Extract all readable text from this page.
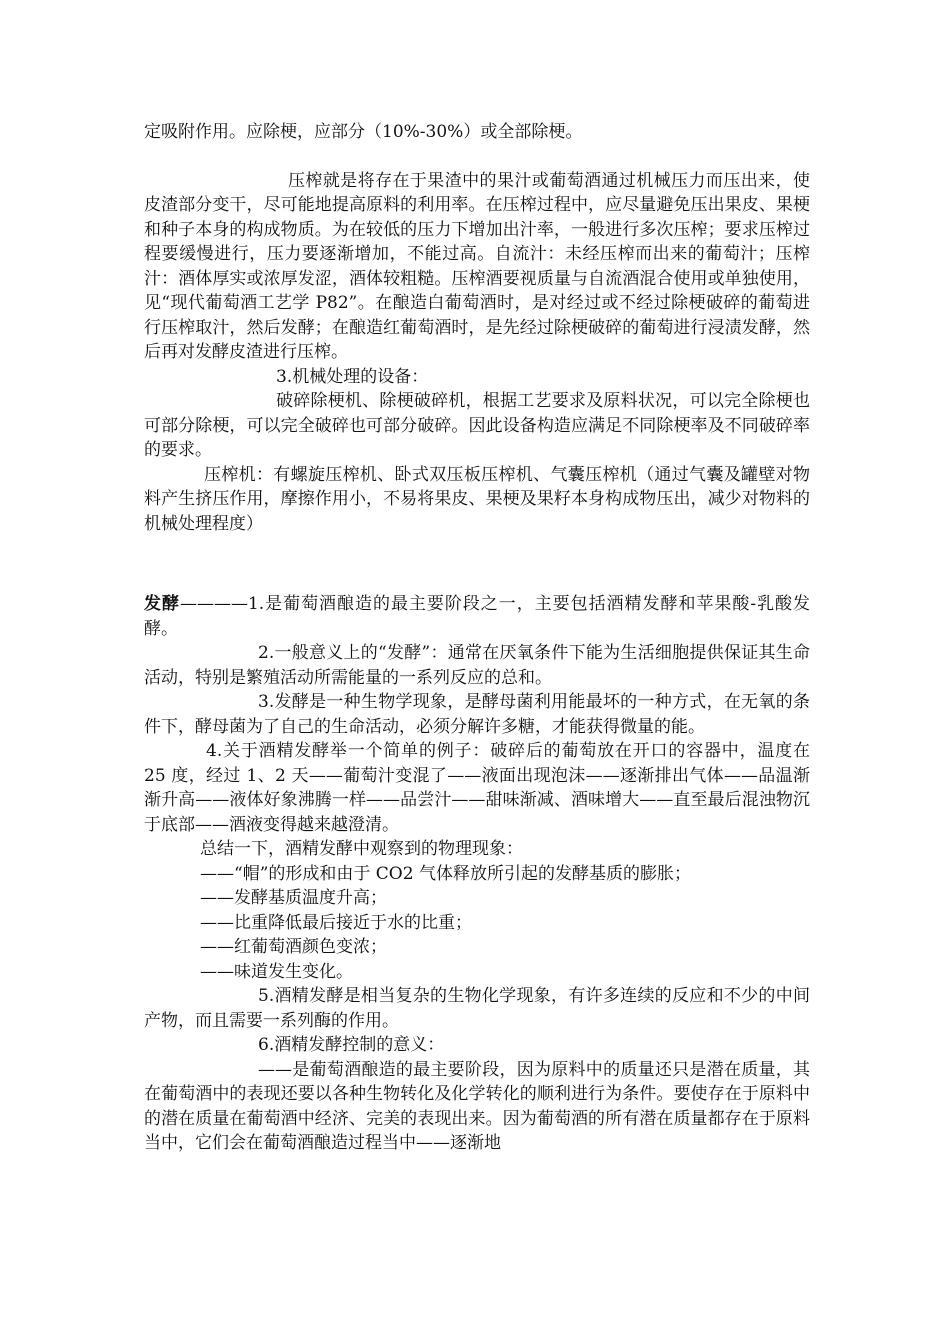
定吸附作用。应除梗，应部分（10%-30%）或全部除梗。

压榨就是将存在于果渣中的果汁或葡萄酒通过机械压力而压出来，使皮渣部分变干，尽可能地提高原料的利用率。在压榨过程中，应尽量避免压出果皮、果梗和种子本身的构成物质。为在较低的压力下增加出汁率，一般进行多次压榨；要求压榨过程要缓慢进行，压力要逐渐增加，不能过高。自流汁：未经压榨而出来的葡萄汁；压榨汁：酒体厚实或浓厚发涩，酒体较粗糙。压榨酒要视质量与自流酒混合使用或单独使用，见“现代葡萄酒工艺学 P82”。在酿造白葡萄酒时，是对经过或不经过除梗破碎的葡萄进行压榨取汁，然后发酵；在酿造红葡萄酒时，是先经过除梗破碎的葡萄进行浸渍发酵，然后再对发酵皮渣进行压榨。

3.机械处理的设备：

破碎除梗机、除梗破碎机，根据工艺要求及原料状况，可以完全除梗也可部分除梗，可以完全破碎也可部分破碎。因此设备构造应满足不同除梗率及不同破碎率的要求。

压榨机：有螺旋压榨机、卧式双压板压榨机、气囊压榨机（通过气囊及罐壁对物料产生挤压作用，摩擦作用小，不易将果皮、果梗及果籽本身构成物压出，减少对物料的机械处理程度）

发酵————1.是葡萄酒酿造的最主要阶段之一，主要包括酒精发酵和苹果酸-乳酸发酵。

2.一般意义上的“发酵”：通常在厌氧条件下能为生活细胞提供保证其生命活动，特别是繁殖活动所需能量的一系列反应的总和。

3.发酵是一种生物学现象，是酵母菌利用能最坏的一种方式，在无氧的条件下，酵母菌为了自己的生命活动，必须分解许多糖，才能获得微量的能。

4.关于酒精发酵举一个简单的例子：破碎后的葡萄放在开口的容器中，温度在 25 度，经过 1、2 天——葡萄汁变混了——液面出现泡沫——逐渐排出气体——品温渐渐升高——液体好象沸腾一样——品尝汁——甜味渐减、酒味增大——直至最后混浊物沉于底部——酒液变得越来越澄清。

总结一下，酒精发酵中观察到的物理现象：

——“帽”的形成和由于 CO2 气体释放所引起的发酵基质的膨胀；

——发酵基质温度升高；

——比重降低最后接近于水的比重；

——红葡萄酒颜色变浓；

——味道发生变化。

5.酒精发酵是相当复杂的生物化学现象，有许多连续的反应和不少的中间产物，而且需要一系列酶的作用。

6.酒精发酵控制的意义：

——是葡萄酒酿造的最主要阶段，因为原料中的质量还只是潜在质量，其在葡萄酒中的表现还要以各种生物转化及化学转化的顺利进行为条件。要使存在于原料中的潜在质量在葡萄酒中经济、完美的表现出来。因为葡萄酒的所有潜在质量都存在于原料当中，它们会在葡萄酒酿造过程当中——逐渐地
